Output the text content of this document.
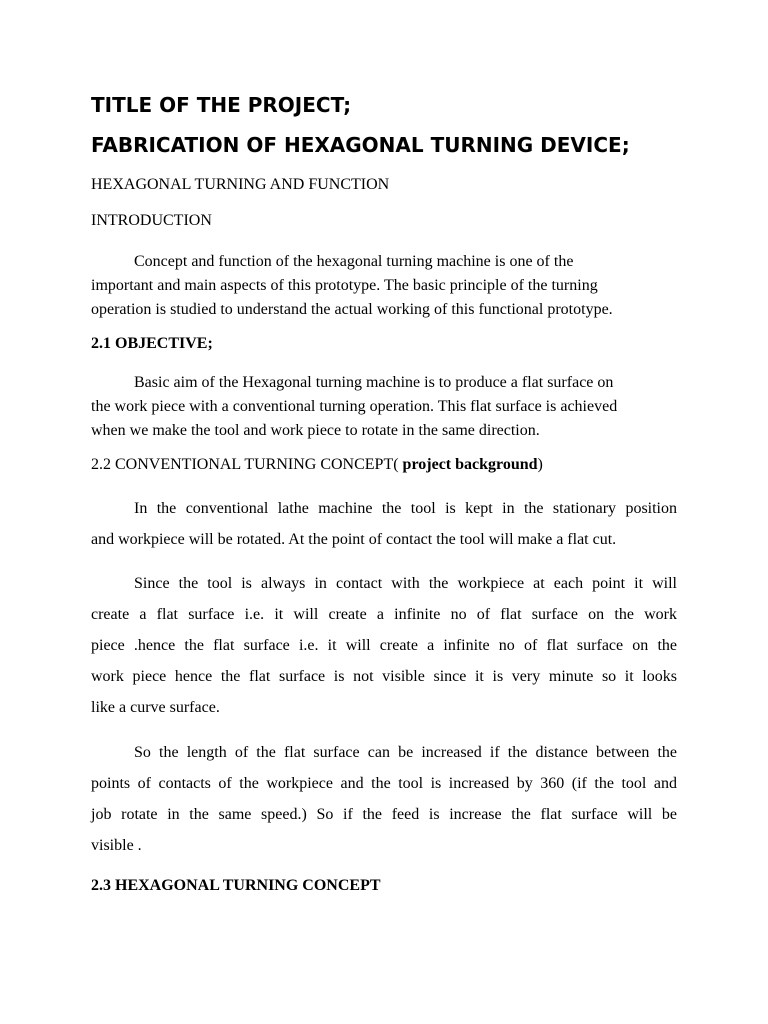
TITLE OF THE PROJECT;
FABRICATION OF HEXAGONAL TURNING DEVICE;
HEXAGONAL TURNING AND FUNCTION
INTRODUCTION
Concept and function of the hexagonal turning machine is one of the
important and main aspects of this prototype. The basic principle of the turning
operation is studied to understand the actual working of this functional prototype.
2.1 OBJECTIVE;
Basic aim of the Hexagonal turning machine is to produce a flat surface on
the work piece with a conventional turning operation. This flat surface is achieved
when we make the tool and work piece to rotate in the same direction.
2.2 CONVENTIONAL TURNING CONCEPT( project background)
In the conventional lathe machine the tool is kept in the stationary position
and workpiece will be rotated. At the point of contact the tool will make a flat cut.
Since the tool is always in contact with the workpiece at each point it will
create a flat surface i.e. it will create a infinite no of flat surface on the work
piece .hence the flat surface i.e. it will create a infinite no of flat surface on the
work piece hence the flat surface is not visible since it is very minute so it looks
like a curve surface.
So the length of the flat surface can be increased if the distance between the
points of contacts of the workpiece and the tool is increased by 360 (if the tool and
job rotate in the same speed.) So if the feed is increase the flat surface will be
visible .
2.3 HEXAGONAL TURNING CONCEPT
